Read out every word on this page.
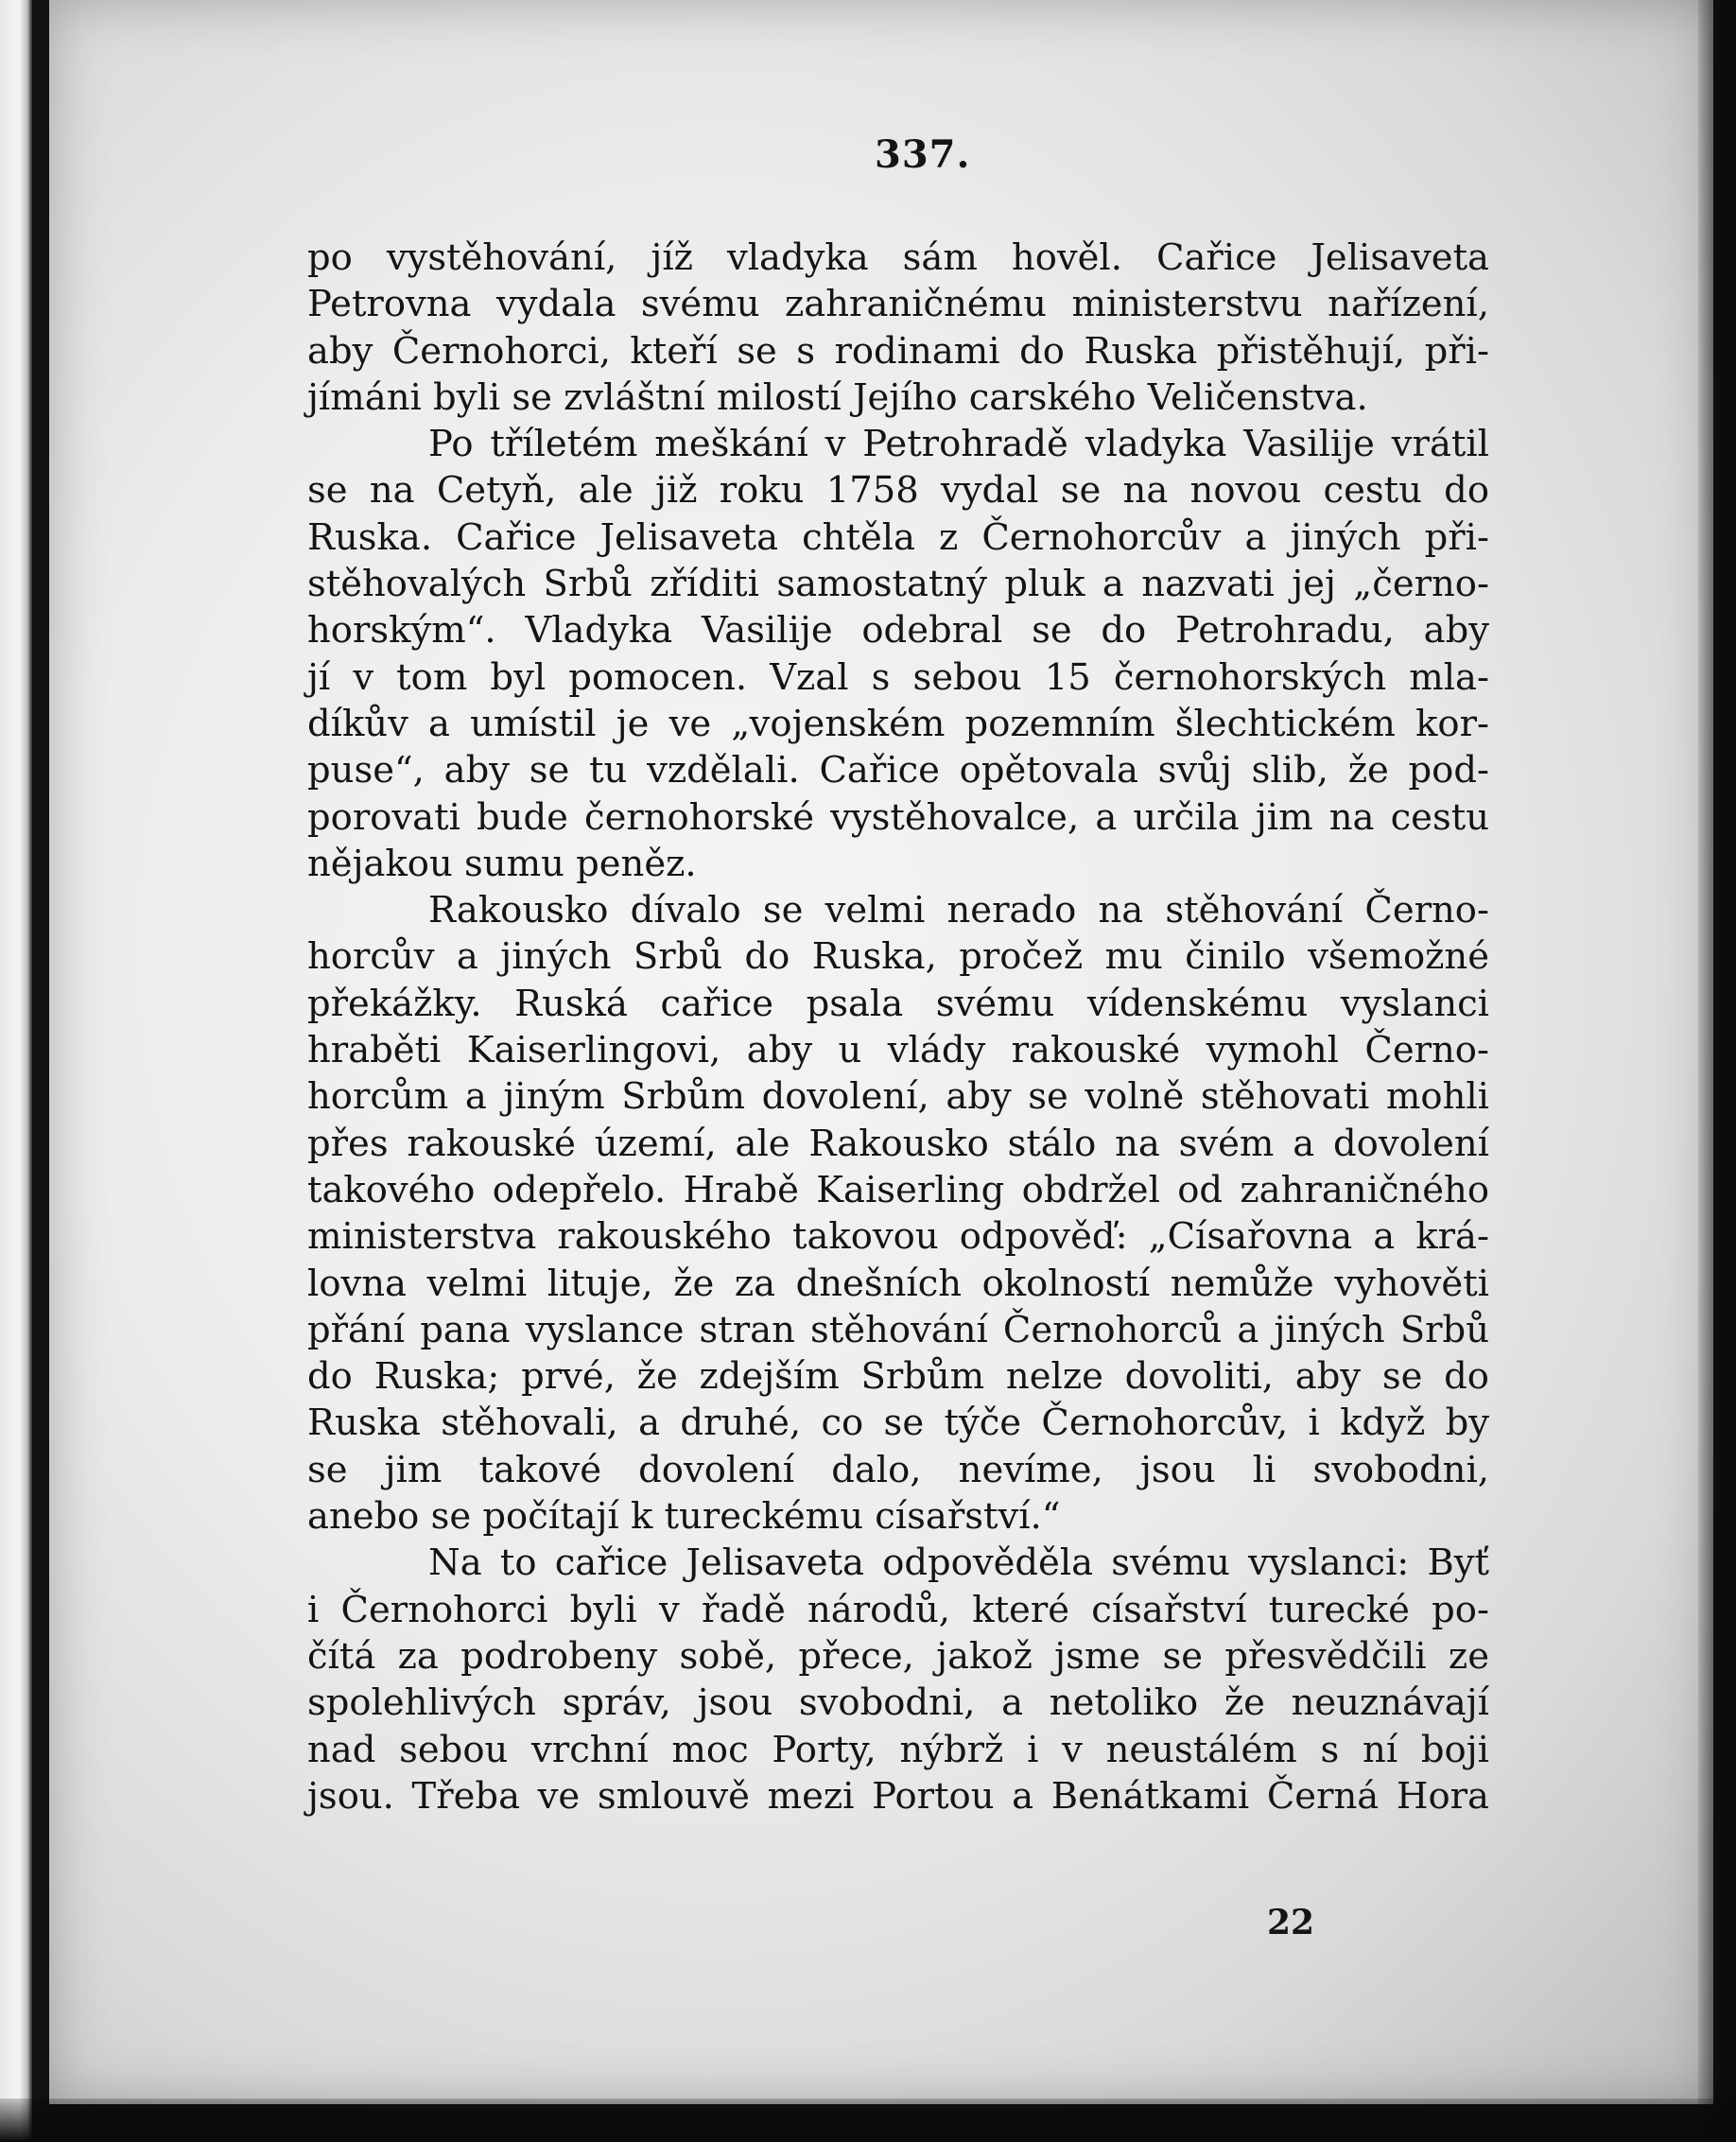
337.
po vystěhování, jíž vladyka sám hověl. Cařice Jelisaveta
Petrovna vydala svému zahraničnému ministerstvu nařízení,
aby Černohorci, kteří se s rodinami do Ruska přistěhují, při-
jímáni byli se zvláštní milostí Jejího carského Veličenstva.
Po tříletém meškání v Petrohradě vladyka Vasilije vrátil
se na Cetyň, ale již roku 1758 vydal se na novou cestu do
Ruska. Cařice Jelisaveta chtěla z Černohorcův a jiných při-
stěhovalých Srbů zříditi samostatný pluk a nazvati jej „černo-
horským“. Vladyka Vasilije odebral se do Petrohradu, aby
jí v tom byl pomocen. Vzal s sebou 15 černohorských mla-
díkův a umístil je ve „vojenském pozemním šlechtickém kor-
puse“, aby se tu vzdělali. Cařice opětovala svůj slib, že pod-
porovati bude černohorské vystěhovalce, a určila jim na cestu
nějakou sumu peněz.
Rakousko dívalo se velmi nerado na stěhování Černo-
horcův a jiných Srbů do Ruska, pročež mu činilo všemožné
překážky. Ruská cařice psala svému vídenskému vyslanci
hraběti Kaiserlingovi, aby u vlády rakouské vymohl Černo-
horcům a jiným Srbům dovolení, aby se volně stěhovati mohli
přes rakouské území, ale Rakousko stálo na svém a dovolení
takového odepřelo. Hrabě Kaiserling obdržel od zahraničného
ministerstva rakouského takovou odpověď: „Císařovna a krá-
lovna velmi lituje, že za dnešních okolností nemůže vyhověti
přání pana vyslance stran stěhování Černohorců a jiných Srbů
do Ruska; prvé, že zdejším Srbům nelze dovoliti, aby se do
Ruska stěhovali, a druhé, co se týče Černohorcův, i když by
se jim takové dovolení dalo, nevíme, jsou li svobodni,
anebo se počítají k tureckému císařství.“
Na to cařice Jelisaveta odpověděla svému vyslanci: Byť
i Černohorci byli v řadě národů, které císařství turecké po-
čítá za podrobeny sobě, přece, jakož jsme se přesvědčili ze
spolehlivých správ, jsou svobodni, a netoliko že neuznávají
nad sebou vrchní moc Porty, nýbrž i v neustálém s ní boji
jsou. Třeba ve smlouvě mezi Portou a Benátkami Černá Hora
22
